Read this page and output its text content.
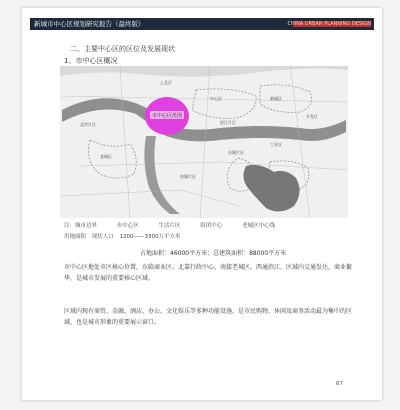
新城市中心区规划研究报告（最终版）	CHINA URBAN PLANNING DESIGN
二、主要中心区的区位及发展现状
1、市中心区概况
市中心区范围
上北区
中心区
滨江片区
新城区
开发区
老城区
北岸片区
东湖片区
南湖片区
工业区
注：城市边界	市中心区	生活片区	组团中心	老城区中心线
用地面积 现状人口 1200——3300万平方米
占地面积：46000平方米；总建筑面积：88000平方米
市中心区地处市区核心位置，东临商业区、北靠行政中心、南接老城区，西通滨江，区域内交通发达，商业繁华，是城市发展的重要核心区域。
区域内现有商贸、金融、酒店、办公、文化娱乐等多种功能设施，是市民购物、休闲及商务活动最为集中的区域，也是城市形象的重要展示窗口。
67
